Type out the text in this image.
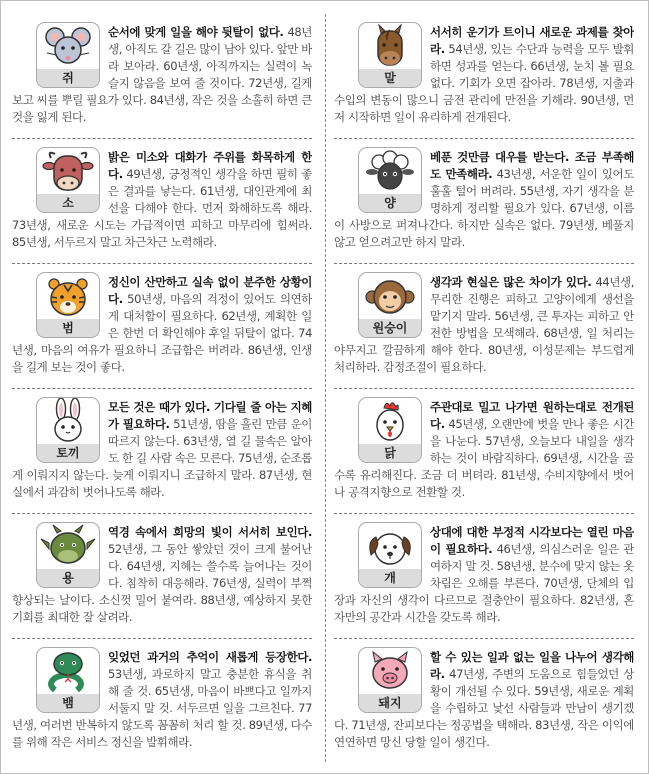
쥐

순서에 맞게 일을 해야 뒷탈이 없다. 48년생, 아직도 갈 길은 많이 남아 있다. 앞만 바라 보아라. 60년생, 아직까지는 실력이 녹슬지 않음을 보여 줄 것이다. 72년생, 길게 보고 씨를 뿌릴 필요가 있다. 84년생, 작은 것을 소홀히 하면 큰 것을 잃게 된다.

소

밝은 미소와 대화가 주위를 화목하게 한다. 49년생, 긍정적인 생각을 하면 필히 좋은 결과를 낳는다. 61년생, 대인관계에 최선을 다해야 한다. 먼저 화해하도록 해라. 73년생, 새로운 시도는 가급적이면 피하고 마무리에 힘써라. 85년생, 서두르지 말고 차근차근 노력해라.

범

정신이 산만하고 실속 없이 분주한 상황이다. 50년생, 마음의 걱정이 있어도 의연하게 대처함이 필요하다. 62년생, 계획한 일은 한번 더 확인해야 후일 뒤탈이 없다. 74년생, 마음의 여유가 필요하니 조급함은 버려라. 86년생, 인생을 길게 보는 것이 좋다.

토끼

모든 것은 때가 있다. 기다릴 줄 아는 지혜가 필요하다. 51년생, 땀을 흘린 만큼 운이 따르지 않는다. 63년생, 열 길 물속은 알아도 한 길 사람 속은 모른다. 75년생, 순조롭게 이뤄지지 않는다. 늦게 이뤄지니 조급하지 말라. 87년생, 현실에서 과감히 벗어나도록 해라.

용

역경 속에서 희망의 빛이 서서히 보인다. 52년생, 그 동안 쌓았던 것이 크게 불어난다. 64년생, 지혜는 쓸수록 늘어나는 것이다. 침착히 대응해라. 76년생, 실력이 부쩍 향상되는 날이다. 소신껏 밀어 붙여라. 88년생, 예상하지 못한 기회를 최대한 잘 살려라.

뱀

잊었던 과거의 추억이 새롭게 등장한다. 53년생, 과로하지 말고 충분한 휴식을 취해 줄 것. 65년생, 마음이 바쁘다고 일까지 서둘지 말 것. 서두르면 일을 그르친다. 77년생, 여러번 반복하지 않도록 꼼꼼히 처리 할 것. 89년생, 다수를 위해 작은 서비스 정신을 발휘해라.

말

서서히 운기가 트이니 새로운 과제를 찾아라. 54년생, 있는 수단과 능력을 모두 발휘하면 성과를 얻는다. 66년생, 눈치 볼 필요 없다. 기회가 오면 잡아라. 78년생, 지출과 수입의 변동이 많으니 금전 관리에 만전을 기해라. 90년생, 먼저 시작하면 일이 유리하게 전개된다.

양

베푼 것만큼 대우를 받는다. 조금 부족해도 만족해라. 43년생, 서운한 일이 있어도 훌훌 털어 버려라. 55년생, 자기 생각을 분명하게 정리할 필요가 있다. 67년생, 이름이 사방으로 퍼져나간다. 하지만 실속은 없다. 79년생, 베풀지 않고 얻으려고만 하지 말라.

원숭이

생각과 현실은 많은 차이가 있다. 44년생, 무리한 진행은 피하고 고양이에게 생선을 맡기지 말라. 56년생, 큰 투자는 피하고 안전한 방법을 모색해라. 68년생, 일 처리는 야무지고 깔끔하게 해야 한다. 80년생, 이성문제는 부드럽게 처리하라. 감정조절이 필요하다.

닭

주관대로 밀고 나가면 원하는대로 전개된다. 45년생, 오랜만에 벗을 만나 좋은 시간을 나눈다. 57년생, 오늘보다 내일을 생각하는 것이 바람직하다. 69년생, 시간을 골수록 유리해진다. 조금 더 버텨라. 81년생, 수비지향에서 벗어나 공격지향으로 전환할 것.

개

상대에 대한 부정적 시각보다는 열린 마음이 필요하다. 46년생, 의심스러운 일은 관여하지 말 것. 58년생, 분수에 맞지 않는 옷차림은 오해를 부른다. 70년생, 단체의 입장과 자신의 생각이 다르므로 절충안이 필요하다. 82년생, 혼자만의 공간과 시간을 갖도록 해라.

돼지

할 수 있는 일과 없는 일을 나누어 생각해라. 47년생, 주변의 도움으로 힘들었던 상황이 개선될 수 있다. 59년생, 새로운 계획을 수립하고 낯선 사람들과 만남이 생기겠다. 71년생, 잔피보다는 정공법을 택해라. 83년생, 작은 이익에 연연하면 망신 당할 일이 생긴다.
